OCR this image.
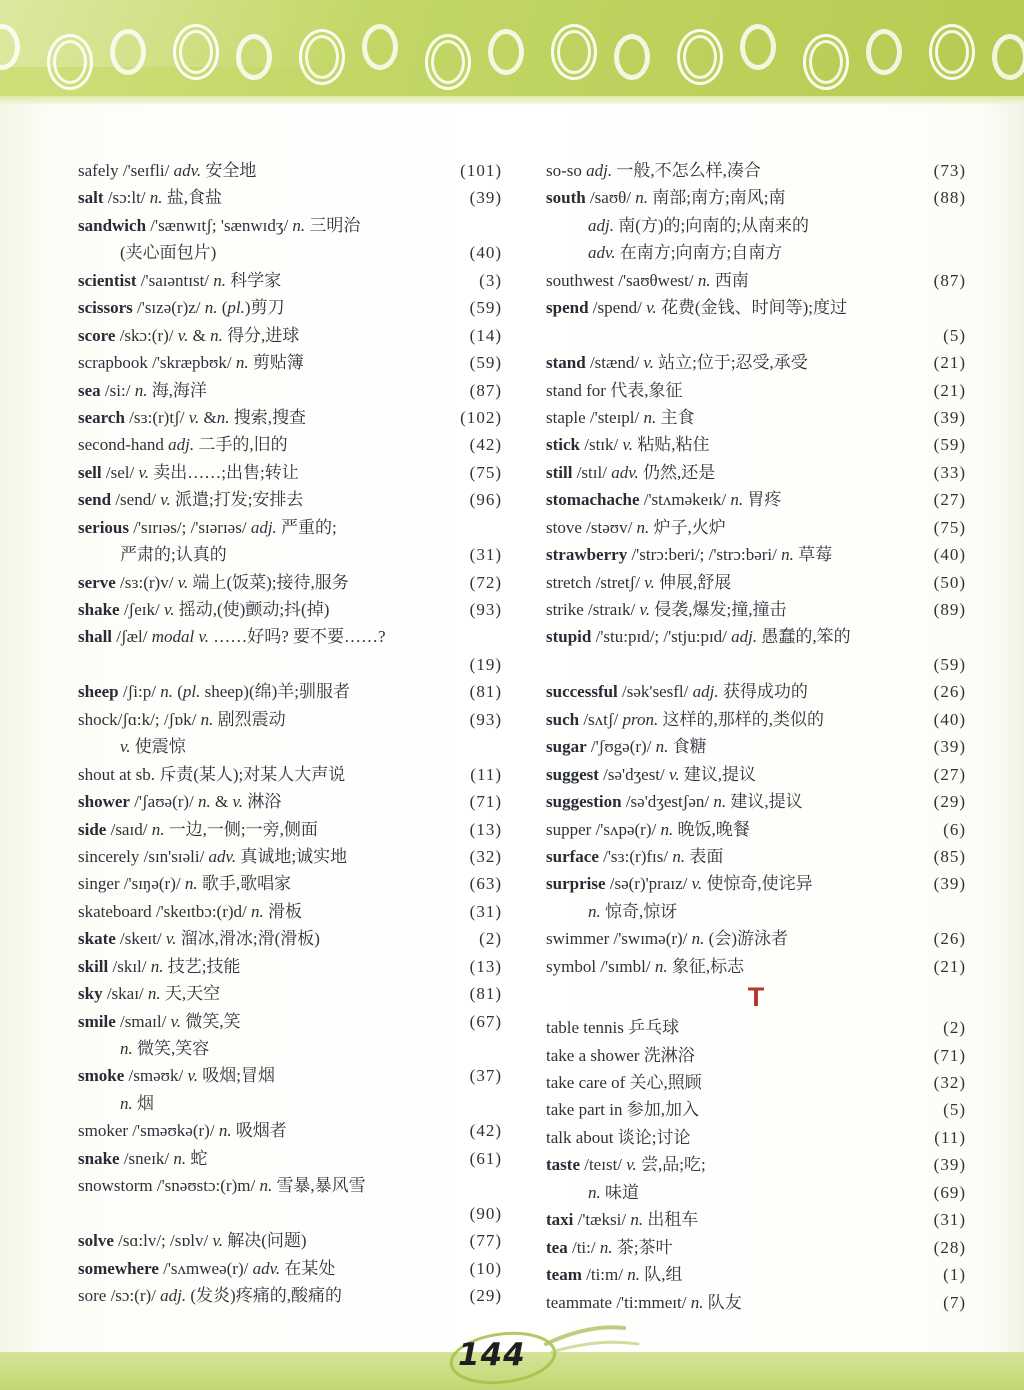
safely /'seɪfli/ adv. 安全地	(101)
salt /sɔ:lt/ n. 盐,食盐	(39)
sandwich /'sænwɪtʃ; 'sænwɪdʒ/ n. 三明治
(夹心面包片)	(40)
scientist /'saɪəntɪst/ n. 科学家	(3)
scissors /'sɪzə(r)z/ n. (pl.)剪刀	(59)
score /skɔ:(r)/ v. & n. 得分,进球	(14)
scrapbook /'skræpbʊk/ n. 剪贴簿	(59)
sea /si:/ n. 海,海洋	(87)
search /sɜ:(r)tʃ/ v. &n. 搜索,搜查	(102)
second-hand adj. 二手的,旧的	(42)
sell /sel/ v. 卖出……;出售;转让	(75)
send /send/ v. 派遣;打发;安排去	(96)
serious /'sɪrɪəs/; /'sɪərɪəs/ adj. 严重的;
严肃的;认真的	(31)
serve /sɜ:(r)v/ v. 端上(饭菜);接待,服务	(72)
shake /ʃeɪk/ v. 摇动,(使)颤动;抖(掉)	(93)
shall /ʃæl/ modal v. ……好吗? 要不要……?
(19)
sheep /ʃi:p/ n. (pl. sheep)(绵)羊;驯服者	(81)
shock/ʃɑ:k/; /ʃɒk/ n. 剧烈震动	(93)
v. 使震惊
shout at sb. 斥责(某人);对某人大声说	(11)
shower /'ʃaʊə(r)/ n. & v. 淋浴	(71)
side /saɪd/ n. 一边,一侧;一旁,侧面	(13)
sincerely /sɪn'sɪəli/ adv. 真诚地;诚实地	(32)
singer /'sɪŋə(r)/ n. 歌手,歌唱家	(63)
skateboard /'skeɪtbɔ:(r)d/ n. 滑板	(31)
skate /skeɪt/ v. 溜冰,滑冰;滑(滑板)	(2)
skill /skɪl/ n. 技艺;技能	(13)
sky /skaɪ/ n. 天,天空	(81)
smile /smaɪl/ v. 微笑,笑	(67)
n. 微笑,笑容
smoke /sməʊk/ v. 吸烟;冒烟	(37)
n. 烟
smoker /'sməʊkə(r)/ n. 吸烟者	(42)
snake /sneɪk/ n. 蛇	(61)
snowstorm /'snəʊstɔ:(r)m/ n. 雪暴,暴风雪
(90)
solve /sɑ:lv/; /sɒlv/ v. 解决(问题)	(77)
somewhere /'sʌmweə(r)/ adv. 在某处	(10)
sore /sɔ:(r)/ adj. (发炎)疼痛的,酸痛的	(29)
so-so adj. 一般,不怎么样,凑合	(73)
south /saʊθ/ n. 南部;南方;南风;南	(88)
adj. 南(方)的;向南的;从南来的
adv. 在南方;向南方;自南方
southwest /'saʊθwest/ n. 西南	(87)
spend /spend/ v. 花费(金钱、时间等);度过
(5)
stand /stænd/ v. 站立;位于;忍受,承受	(21)
stand for 代表,象征	(21)
staple /'steɪpl/ n. 主食	(39)
stick /stɪk/ v. 粘贴,粘住	(59)
still /stɪl/ adv. 仍然,还是	(33)
stomachache /'stʌməkeɪk/ n. 胃疼	(27)
stove /stəʊv/ n. 炉子,火炉	(75)
strawberry /'strɔ:beri/; /'strɔ:bəri/ n. 草莓	(40)
stretch /stretʃ/ v. 伸展,舒展	(50)
strike /straɪk/ v. 侵袭,爆发;撞,撞击	(89)
stupid /'stu:pɪd/; /'stju:pɪd/ adj. 愚蠢的,笨的
(59)
successful /sək'sesfl/ adj. 获得成功的	(26)
such /sʌtʃ/ pron. 这样的,那样的,类似的	(40)
sugar /'ʃʊgə(r)/ n. 食糖	(39)
suggest /sə'dʒest/ v. 建议,提议	(27)
suggestion /sə'dʒestʃən/ n. 建议,提议	(29)
supper /'sʌpə(r)/ n. 晚饭,晚餐	(6)
surface /'sɜ:(r)fɪs/ n. 表面	(85)
surprise /sə(r)'praɪz/ v. 使惊奇,使诧异	(39)
n. 惊奇,惊讶
swimmer /'swɪmə(r)/ n. (会)游泳者	(26)
symbol /'sɪmbl/ n. 象征,标志	(21)
T
table tennis 乒乓球	(2)
take a shower 洗淋浴	(71)
take care of 关心,照顾	(32)
take part in 参加,加入	(5)
talk about 谈论;讨论	(11)
taste /teɪst/ v. 尝,品;吃;	(39)
n. 味道	(69)
taxi /'tæksi/ n. 出租车	(31)
tea /ti:/ n. 茶;茶叶	(28)
team /ti:m/ n. 队,组	(1)
teammate /'ti:mmeɪt/ n. 队友	(7)
144
